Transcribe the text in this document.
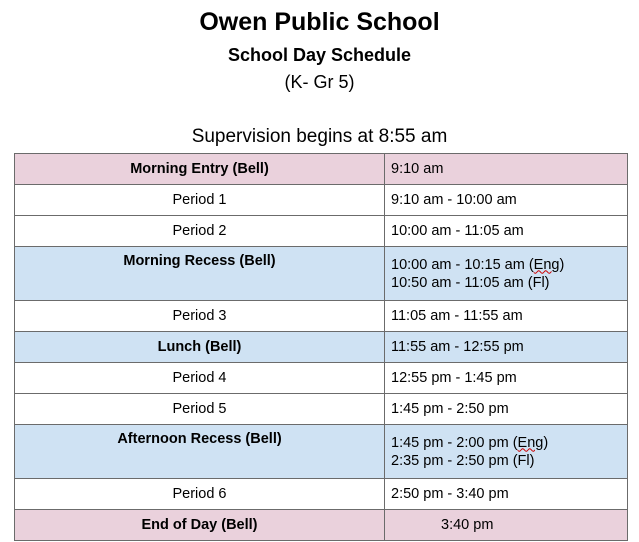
Owen Public School
School Day Schedule
(K- Gr 5)
Supervision begins at 8:55 am
Morning Entry (Bell)	9:10 am
Period 1	9:10 am - 10:00 am
Period 2	10:00 am - 11:05 am
Morning Recess (Bell)	10:00 am - 10:15 am (Eng)
10:50 am - 11:05 am (Fl)

Period 3	11:05 am - 11:55 am
Lunch (Bell)	11:55 am - 12:55 pm
Period 4	12:55 pm - 1:45 pm
Period 5	1:45 pm - 2:50 pm
Afternoon Recess (Bell)	1:45 pm - 2:00 pm (Eng)
2:35 pm - 2:50 pm (Fl)

Period 6	2:50 pm - 3:40 pm
End of Day (Bell)	3:40 pm
